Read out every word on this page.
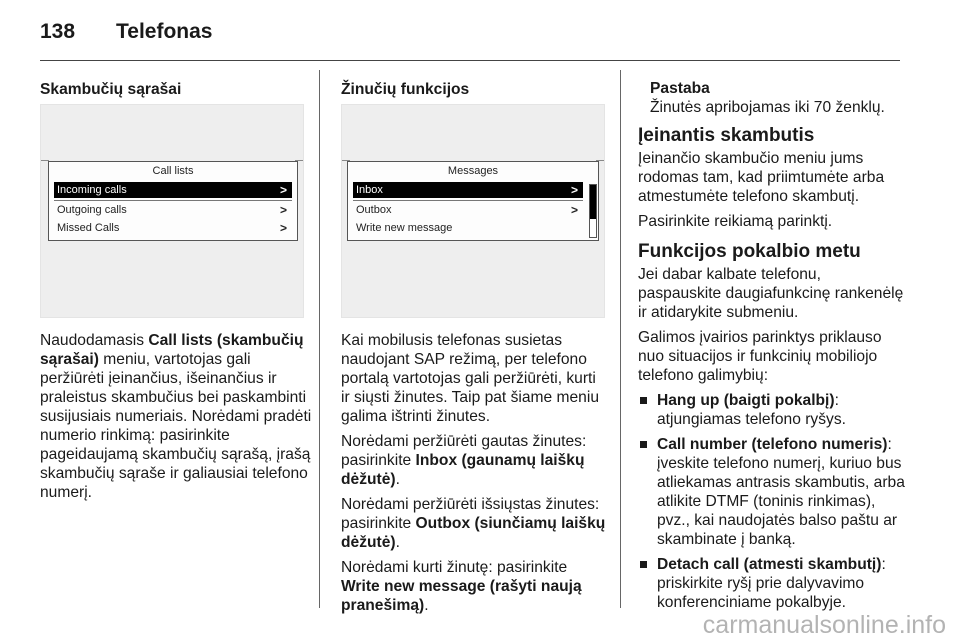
138 Telefonas
Skambučių sąrašai
Call lists
Incoming calls	>
Outgoing calls	>
Missed Calls	>

Naudodamasis Call lists (skambučių sąrašai) meniu, vartotojas gali peržiūrėti įeinančius, išeinančius ir praleistus skambučius bei paskambinti susijusiais numeriais. Norėdami pradėti numerio rinkimą: pasirinkite pageidaujamą skambučių sąrašą, įrašą skambučių sąraše ir galiausiai telefono numerį.

Žinučių funkcijos
Messages
Inbox	>
Outbox	>
Write new message

Kai mobilusis telefonas susietas naudojant SAP režimą, per telefono portalą vartotojas gali peržiūrėti, kurti ir siųsti žinutes. Taip pat šiame meniu galima ištrinti žinutes.

Norėdami peržiūrėti gautas žinutes: pasirinkite Inbox (gaunamų laiškų dėžutė).

Norėdami peržiūrėti išsiųstas žinutes: pasirinkite Outbox (siunčiamų laiškų dėžutė).

Norėdami kurti žinutę: pasirinkite Write new message (rašyti naują pranešimą).

Pastaba
Žinutės apribojamas iki 70 ženklų.
Įeinantis skambutis

Įeinančio skambučio meniu jums rodomas tam, kad priimtumėte arba atmestumėte telefono skambutį.

Pasirinkite reikiamą parinktį.

Funkcijos pokalbio metu

Jei dabar kalbate telefonu, paspauskite daugiafunkcinę rankenėlę ir atidarykite submeniu.

Galimos įvairios parinktys priklauso nuo situacijos ir funkcinių mobiliojo telefono galimybių:

Hang up (baigti pokalbį): atjungiamas telefono ryšys.
Call number (telefono numeris): įveskite telefono numerį, kuriuo bus atliekamas antrasis skambutis, arba atlikite DTMF (toninis rinkimas), pvz., kai naudojatės balso paštu ar skambinate į banką.
Detach call (atmesti skambutį): priskirkite ryšį prie dalyvavimo konferenciniame pokalbyje.
carmanualsonline.info
